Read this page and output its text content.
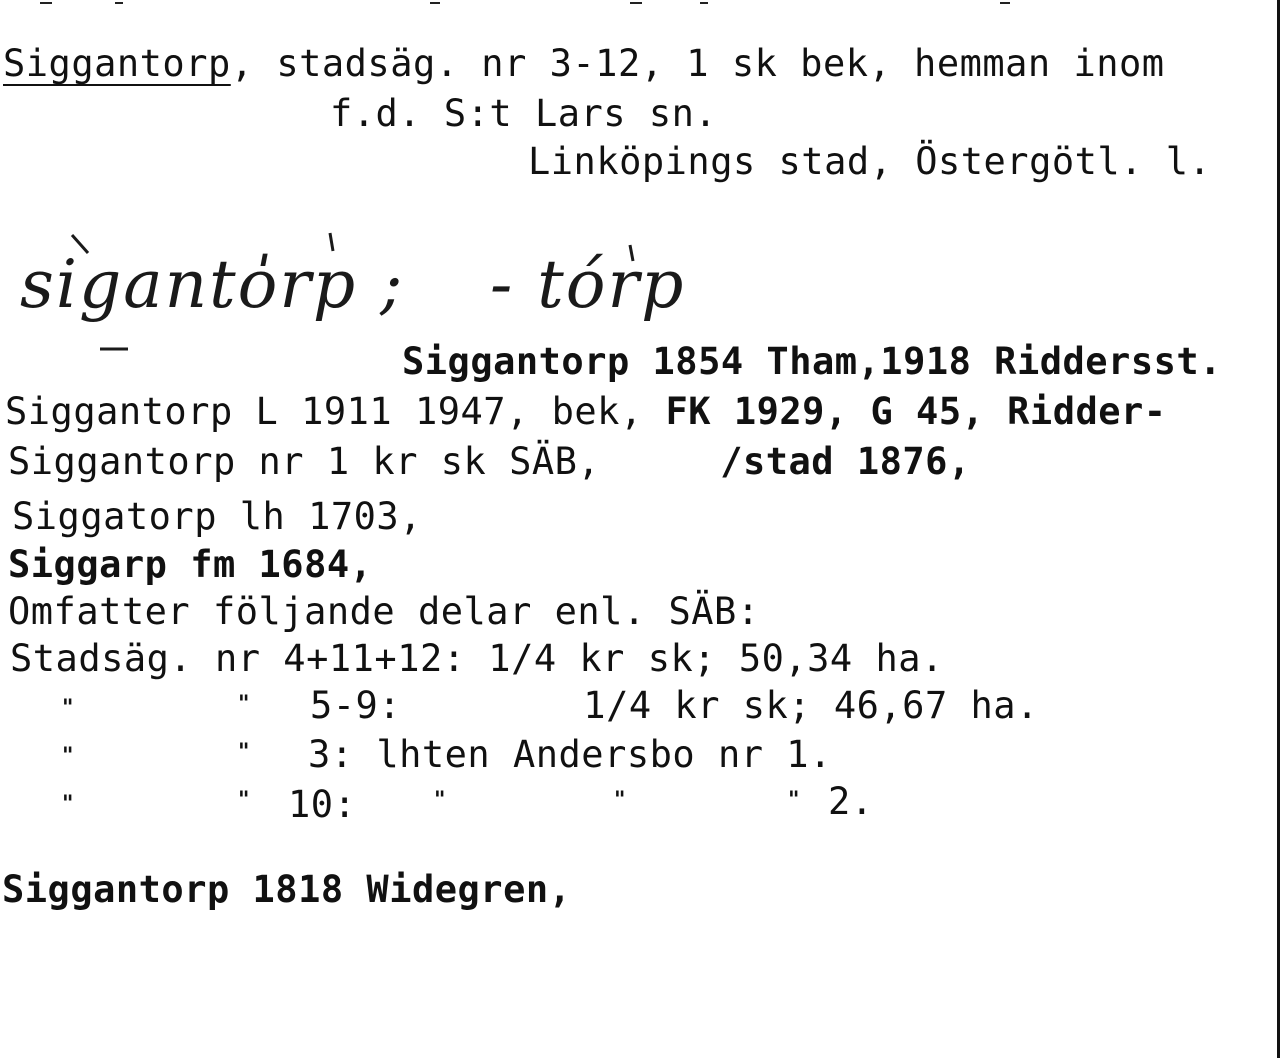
Siggantorp, stadsäg. nr 3-12, 1 sk bek, hemman inom
f.d. S:t Lars sn.
Linköpings stad, Östergötl. l.
siganto̍rp ; - tórp
Siggantorp 1854 Tham,1918 Riddersst.
Siggantorp L 1911 1947, bek, FK 1929, G 45, Ridder-
Siggantorp nr 1 kr sk SÄB,	/stad 1876,
Siggatorp lh 1703,
Siggarp fm 1684,
Omfatter följande delar enl. SÄB:
Stadsäg. nr 4+11+12: 1/4 kr sk; 50,34 ha.
"	" 5-9:        1/4 kr sk; 46,67 ha.
"	" 3: lhten Andersbo nr 1.
"	" 10:	"	"	" 2.
Siggantorp 1818 Widegren,
